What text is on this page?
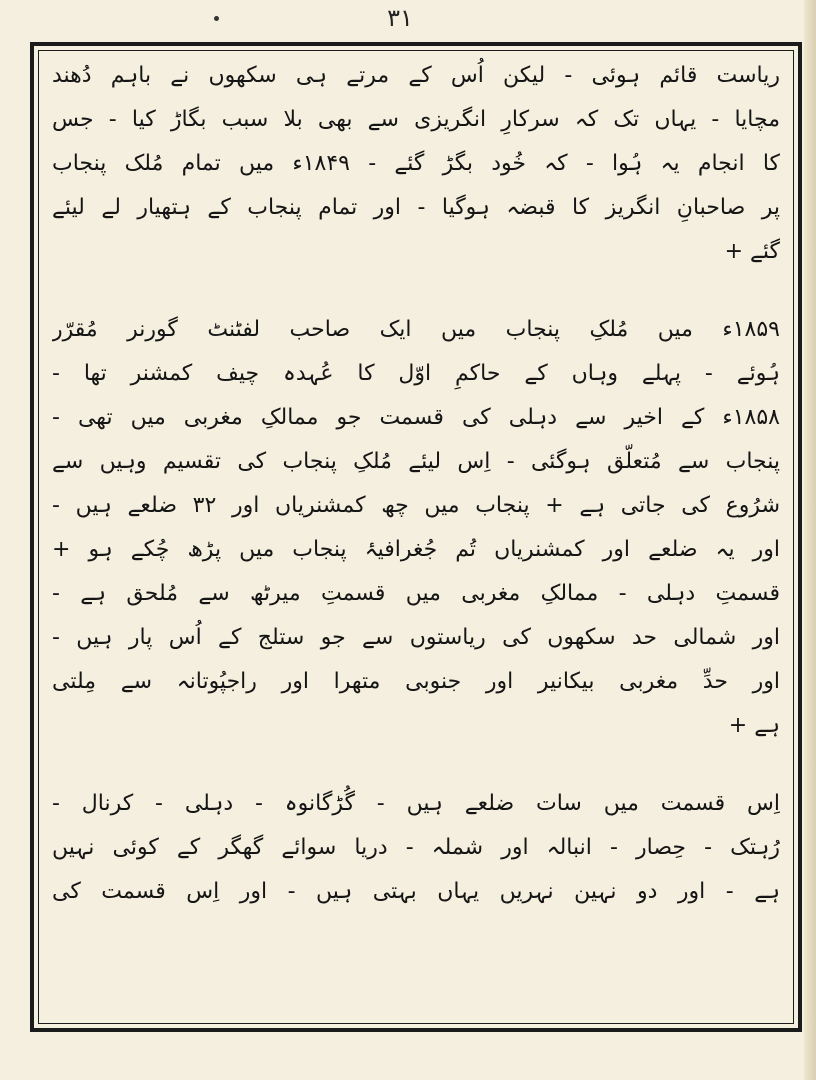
۳۱
ریاست قائم ہوئی - لیکن اُس کے مرتے ہی سکھوں نے باہم دُھند
مچایا - یہاں تک کہ سرکارِ انگریزی سے بھی بلا سبب بگاڑ کیا - جس
کا انجام یہ ہُوا - کہ خُود بگڑ گئے - ۱۸۴۹ء میں تمام مُلک پنجاب
پر صاحبانِ انگریز کا قبضہ ہوگیا - اور تمام پنجاب کے ہتھیار لے لیئے
گئے +
۱۸۵۹ء میں مُلکِ پنجاب میں ایک صاحب لفٹنٹ گورنر مُقرّر
ہُوئے - پہلے وہاں کے حاکمِ اوّل کا عُہدہ چیف کمشنر تھا -
۱۸۵۸ء کے اخیر سے دہلی کی قسمت جو ممالکِ مغربی میں تھی -
پنجاب سے مُتعلّق ہوگئی - اِس لیئے مُلکِ پنجاب کی تقسیم وہیں سے
شرُوع کی جاتی ہے + پنجاب میں چھ کمشنریاں اور ۳۲ ضلعے ہیں -
اور یہ ضلعے اور کمشنریاں تُم جُغرافیۂ پنجاب میں پڑھ چُکے ہو +
قسمتِ دہلی - ممالکِ مغربی میں قسمتِ میرٹھ سے مُلحق ہے -
اور شمالی حد سکھوں کی ریاستوں سے جو ستلج کے اُس پار ہیں -
اور حدِّ مغربی بیکانیر اور جنوبی متھرا اور راجپُوتانہ سے مِلتی
ہے +
اِس قسمت میں سات ضلعے ہیں - گُڑگانوہ - دہلی - کرنال -
رُہتک - حِصار - انبالہ اور شملہ - دریا سوائے گھگر کے کوئی نہیں
ہے - اور دو نہین نہریں یہاں بہتی ہیں - اور اِس قسمت کی
